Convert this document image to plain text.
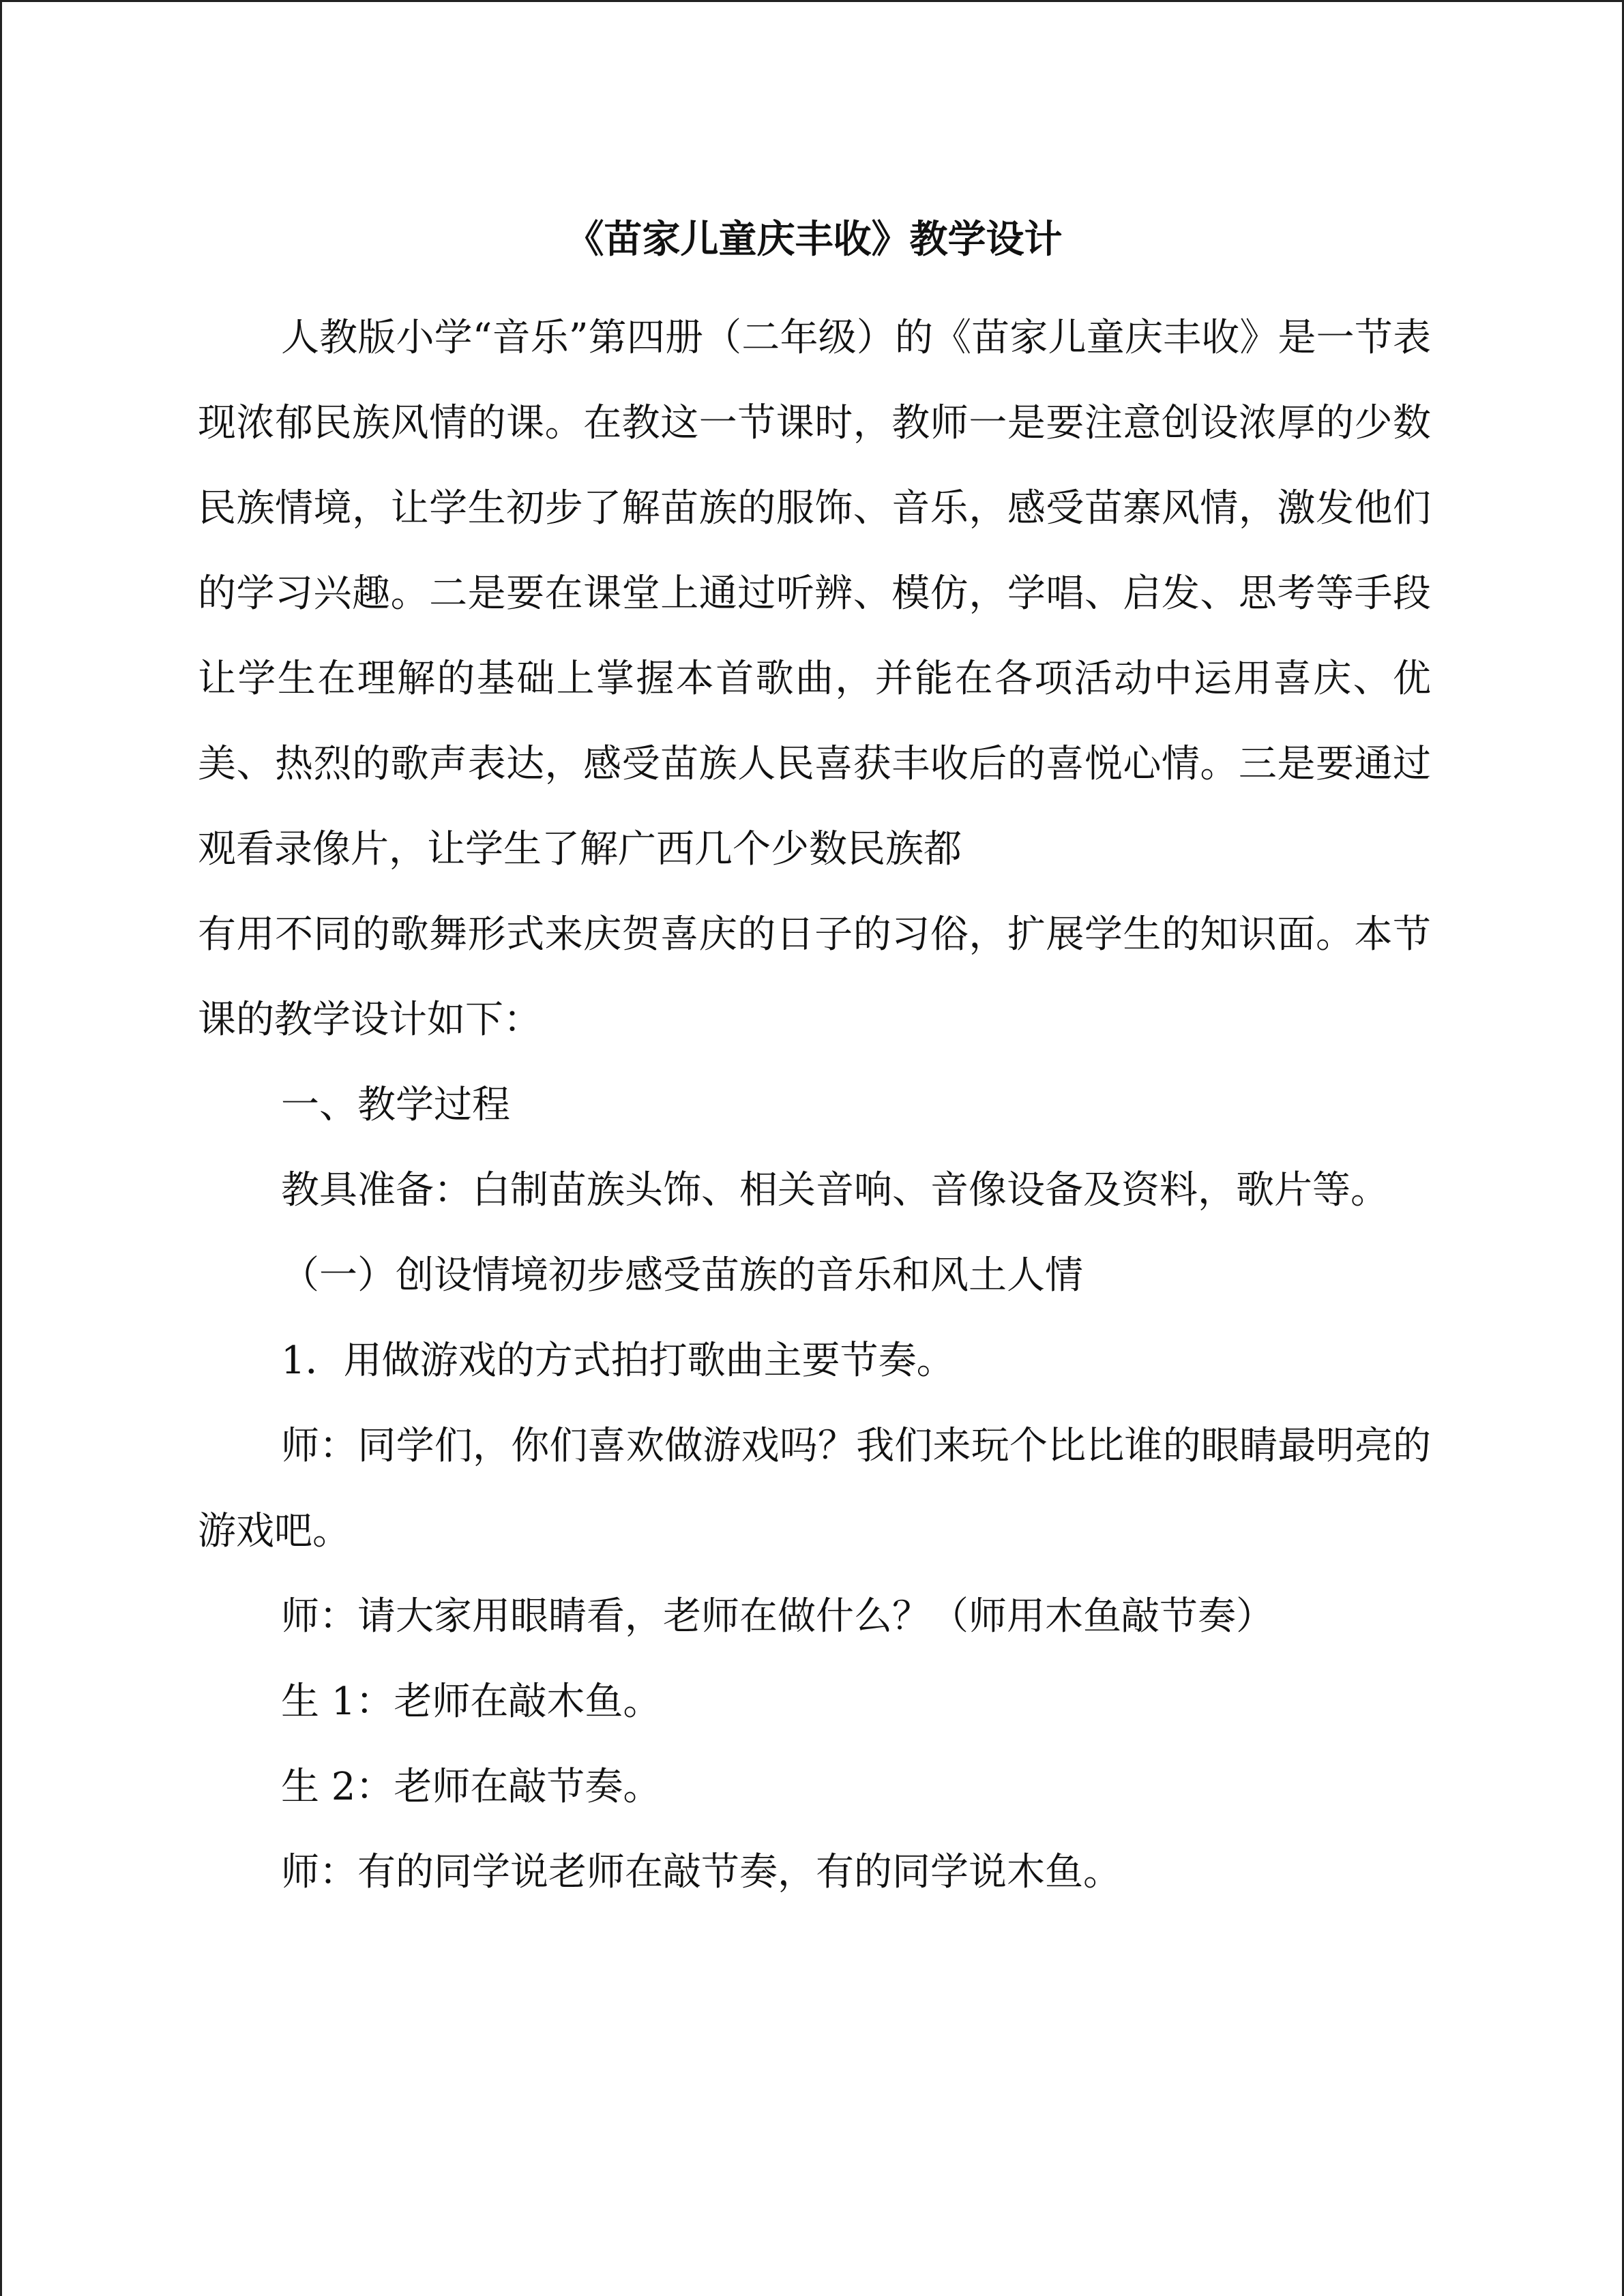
《苗家儿童庆丰收》教学设计

人教版小学“音乐”第四册（二年级）的《苗家儿童庆丰收》是一节表现浓郁民族风情的课。在教这一节课时，教师一是要注意创设浓厚的少数民族情境，让学生初步了解苗族的服饰、音乐，感受苗寨风情，激发他们的学习兴趣。二是要在课堂上通过听辨、模仿，学唱、启发、思考等手段让学生在理解的基础上掌握本首歌曲，并能在各项活动中运用喜庆、优美、热烈的歌声表达，感受苗族人民喜获丰收后的喜悦心情。三是要通过观看录像片，让学生了解广西几个少数民族都

有用不同的歌舞形式来庆贺喜庆的日子的习俗，扩展学生的知识面。本节课的教学设计如下：

一、教学过程

教具准备：白制苗族头饰、相关音响、音像设备及资料，歌片等。

（一）创设情境初步感受苗族的音乐和风土人情

1．用做游戏的方式拍打歌曲主要节奏。

师：同学们，你们喜欢做游戏吗？我们来玩个比比谁的眼睛最明亮的游戏吧。

师：请大家用眼睛看，老师在做什么？（师用木鱼敲节奏）

生 1：老师在敲木鱼。

生 2：老师在敲节奏。

师：有的同学说老师在敲节奏，有的同学说木鱼。
